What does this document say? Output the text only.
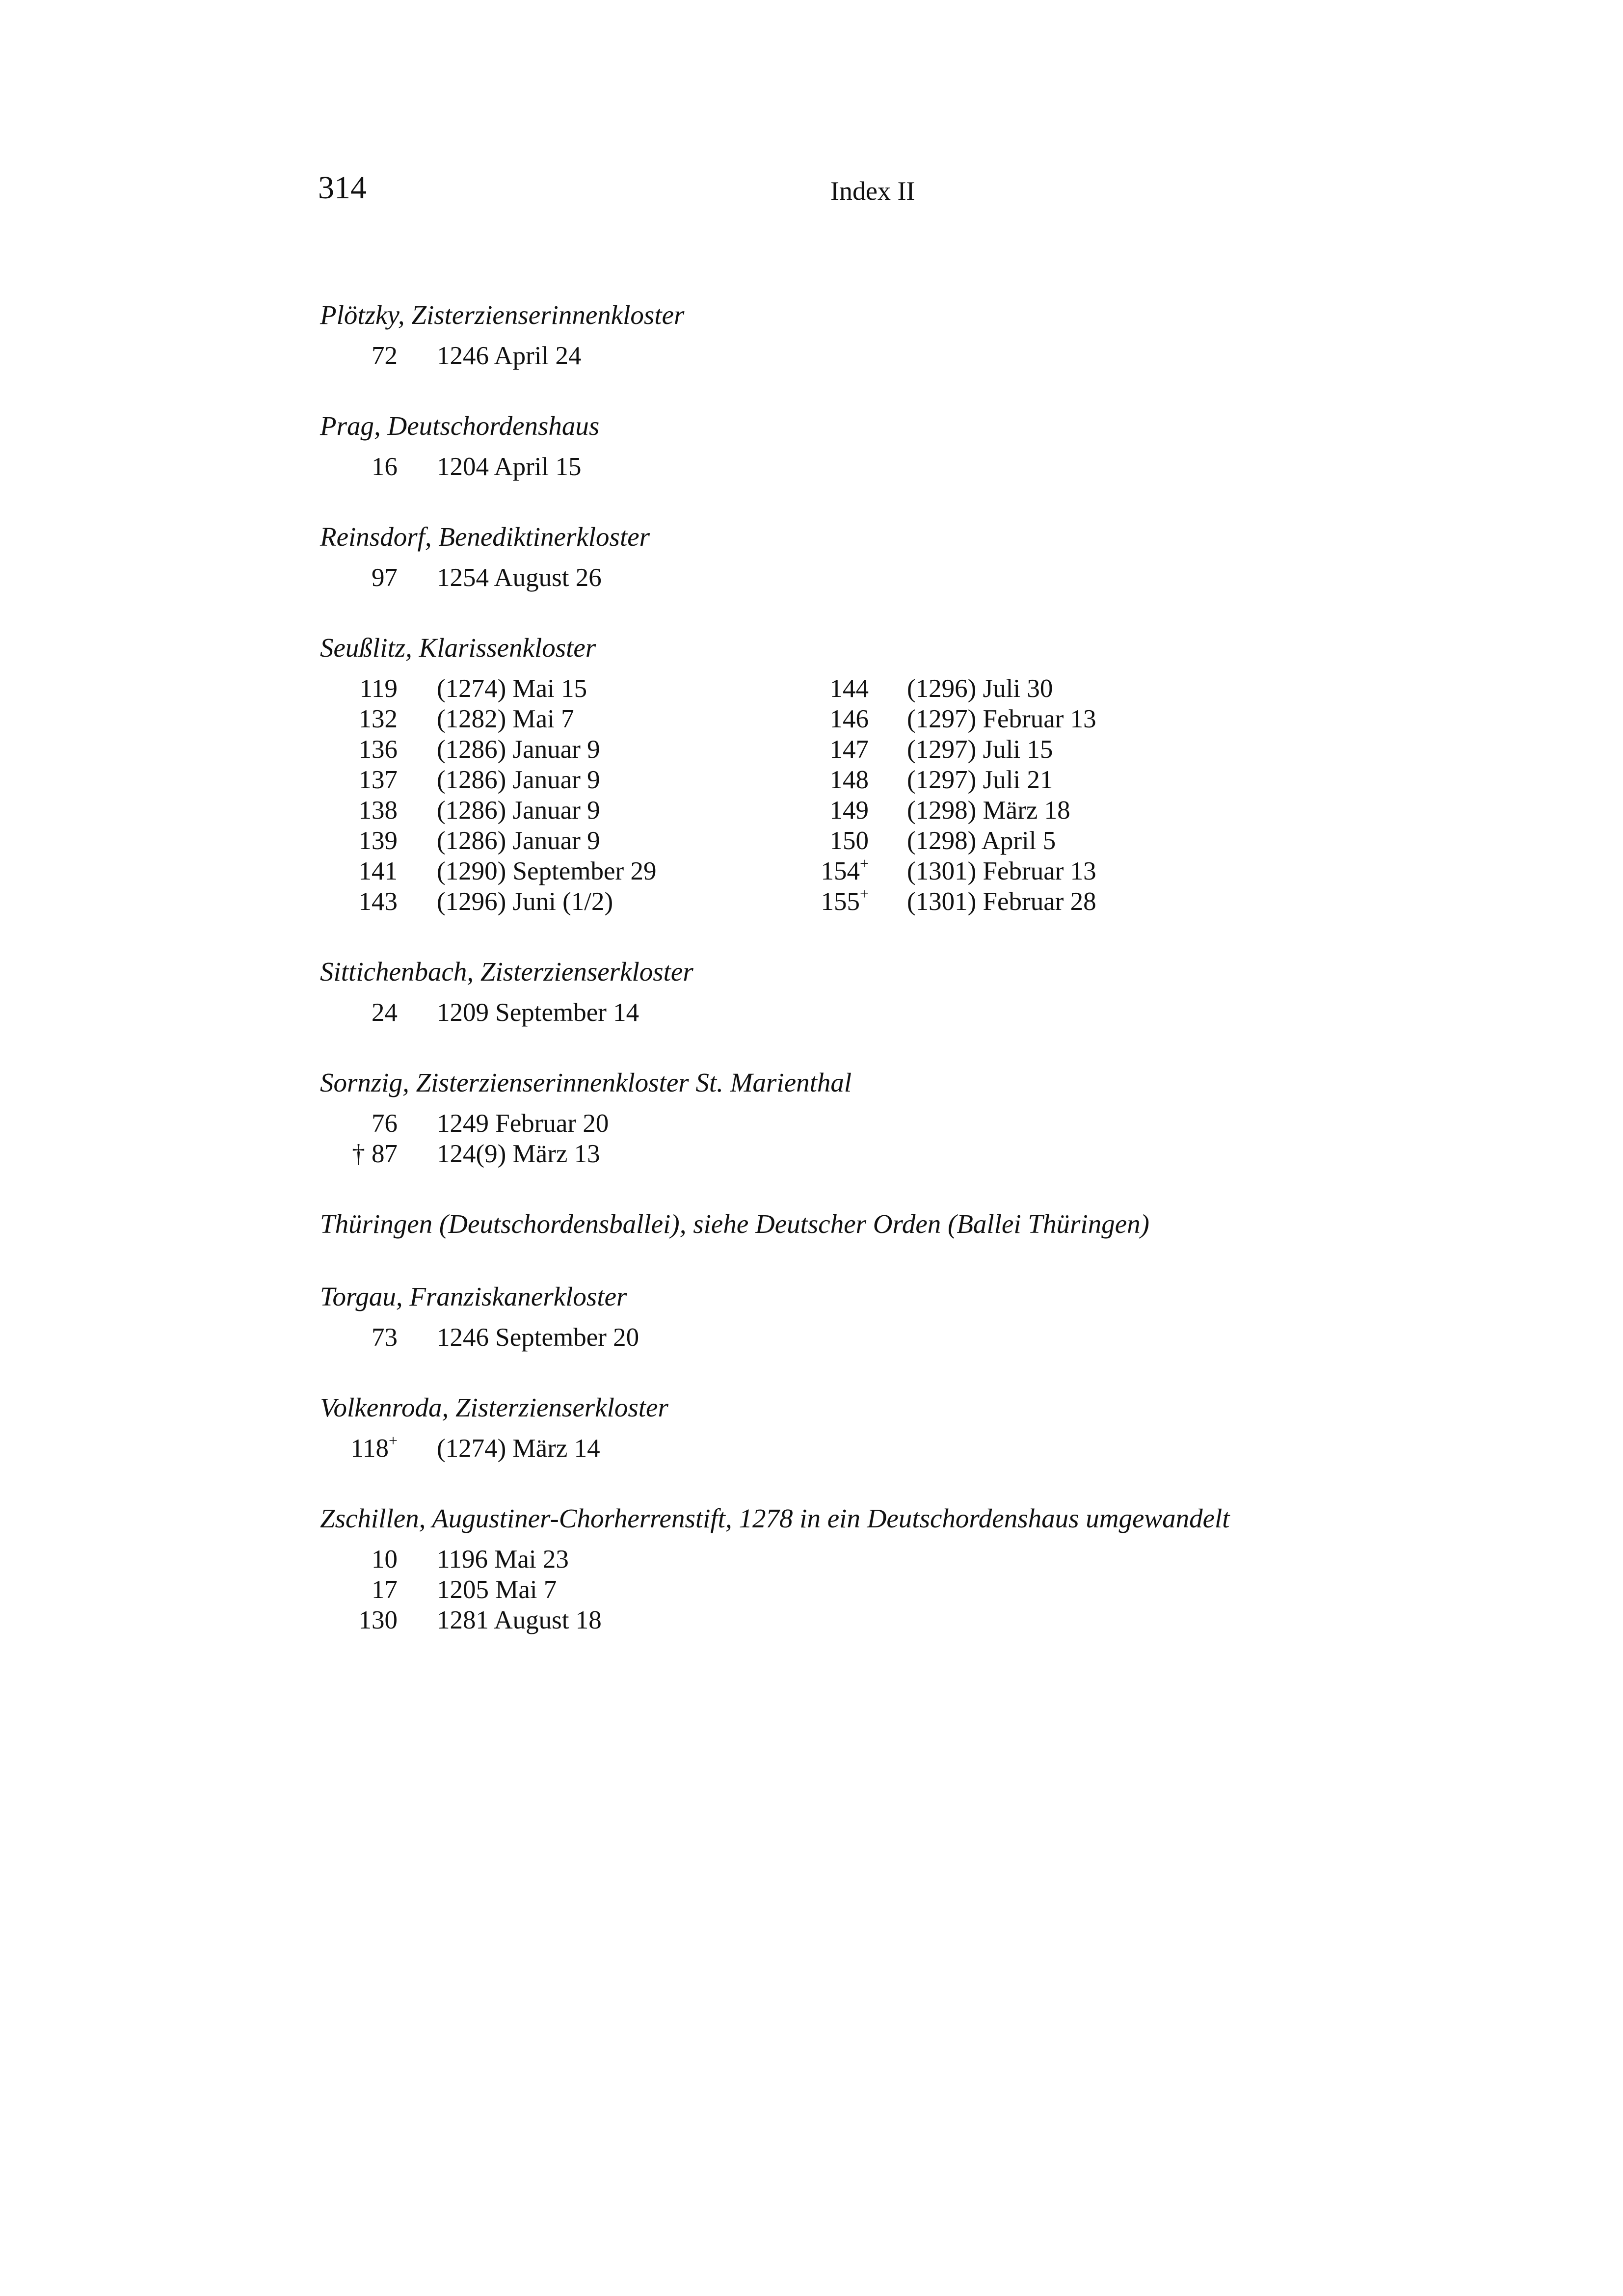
314	Index II
Plötzky, Zisterzienserinnenkloster
72 1246 April 24
Prag, Deutschordenshaus
16 1204 April 15
Reinsdorf, Benediktinerkloster
97 1254 August 26
Seußlitz, Klarissenkloster
119 (1274) Mai 15	144 (1296) Juli 30
132 (1282) Mai 7	146 (1297) Februar 13
136 (1286) Januar 9	147 (1297) Juli 15
137 (1286) Januar 9	148 (1297) Juli 21
138 (1286) Januar 9	149 (1298) März 18
139 (1286) Januar 9	150 (1298) April 5
141 (1290) September 29	154+ (1301) Februar 13
143 (1296) Juni (1/2)	155+ (1301) Februar 28
Sittichenbach, Zisterzienserkloster
24 1209 September 14
Sornzig, Zisterzienserinnenkloster St. Marienthal
76 1249 Februar 20
† 87 124(9) März 13
Thüringen (Deutschordensballei), siehe Deutscher Orden (Ballei Thüringen)
Torgau, Franziskanerkloster
73 1246 September 20
Volkenroda, Zisterzienserkloster
118+ (1274) März 14
Zschillen, Augustiner-Chorherrenstift, 1278 in ein Deutschordenshaus umgewandelt
10 1196 Mai 23
17 1205 Mai 7
130 1281 August 18
